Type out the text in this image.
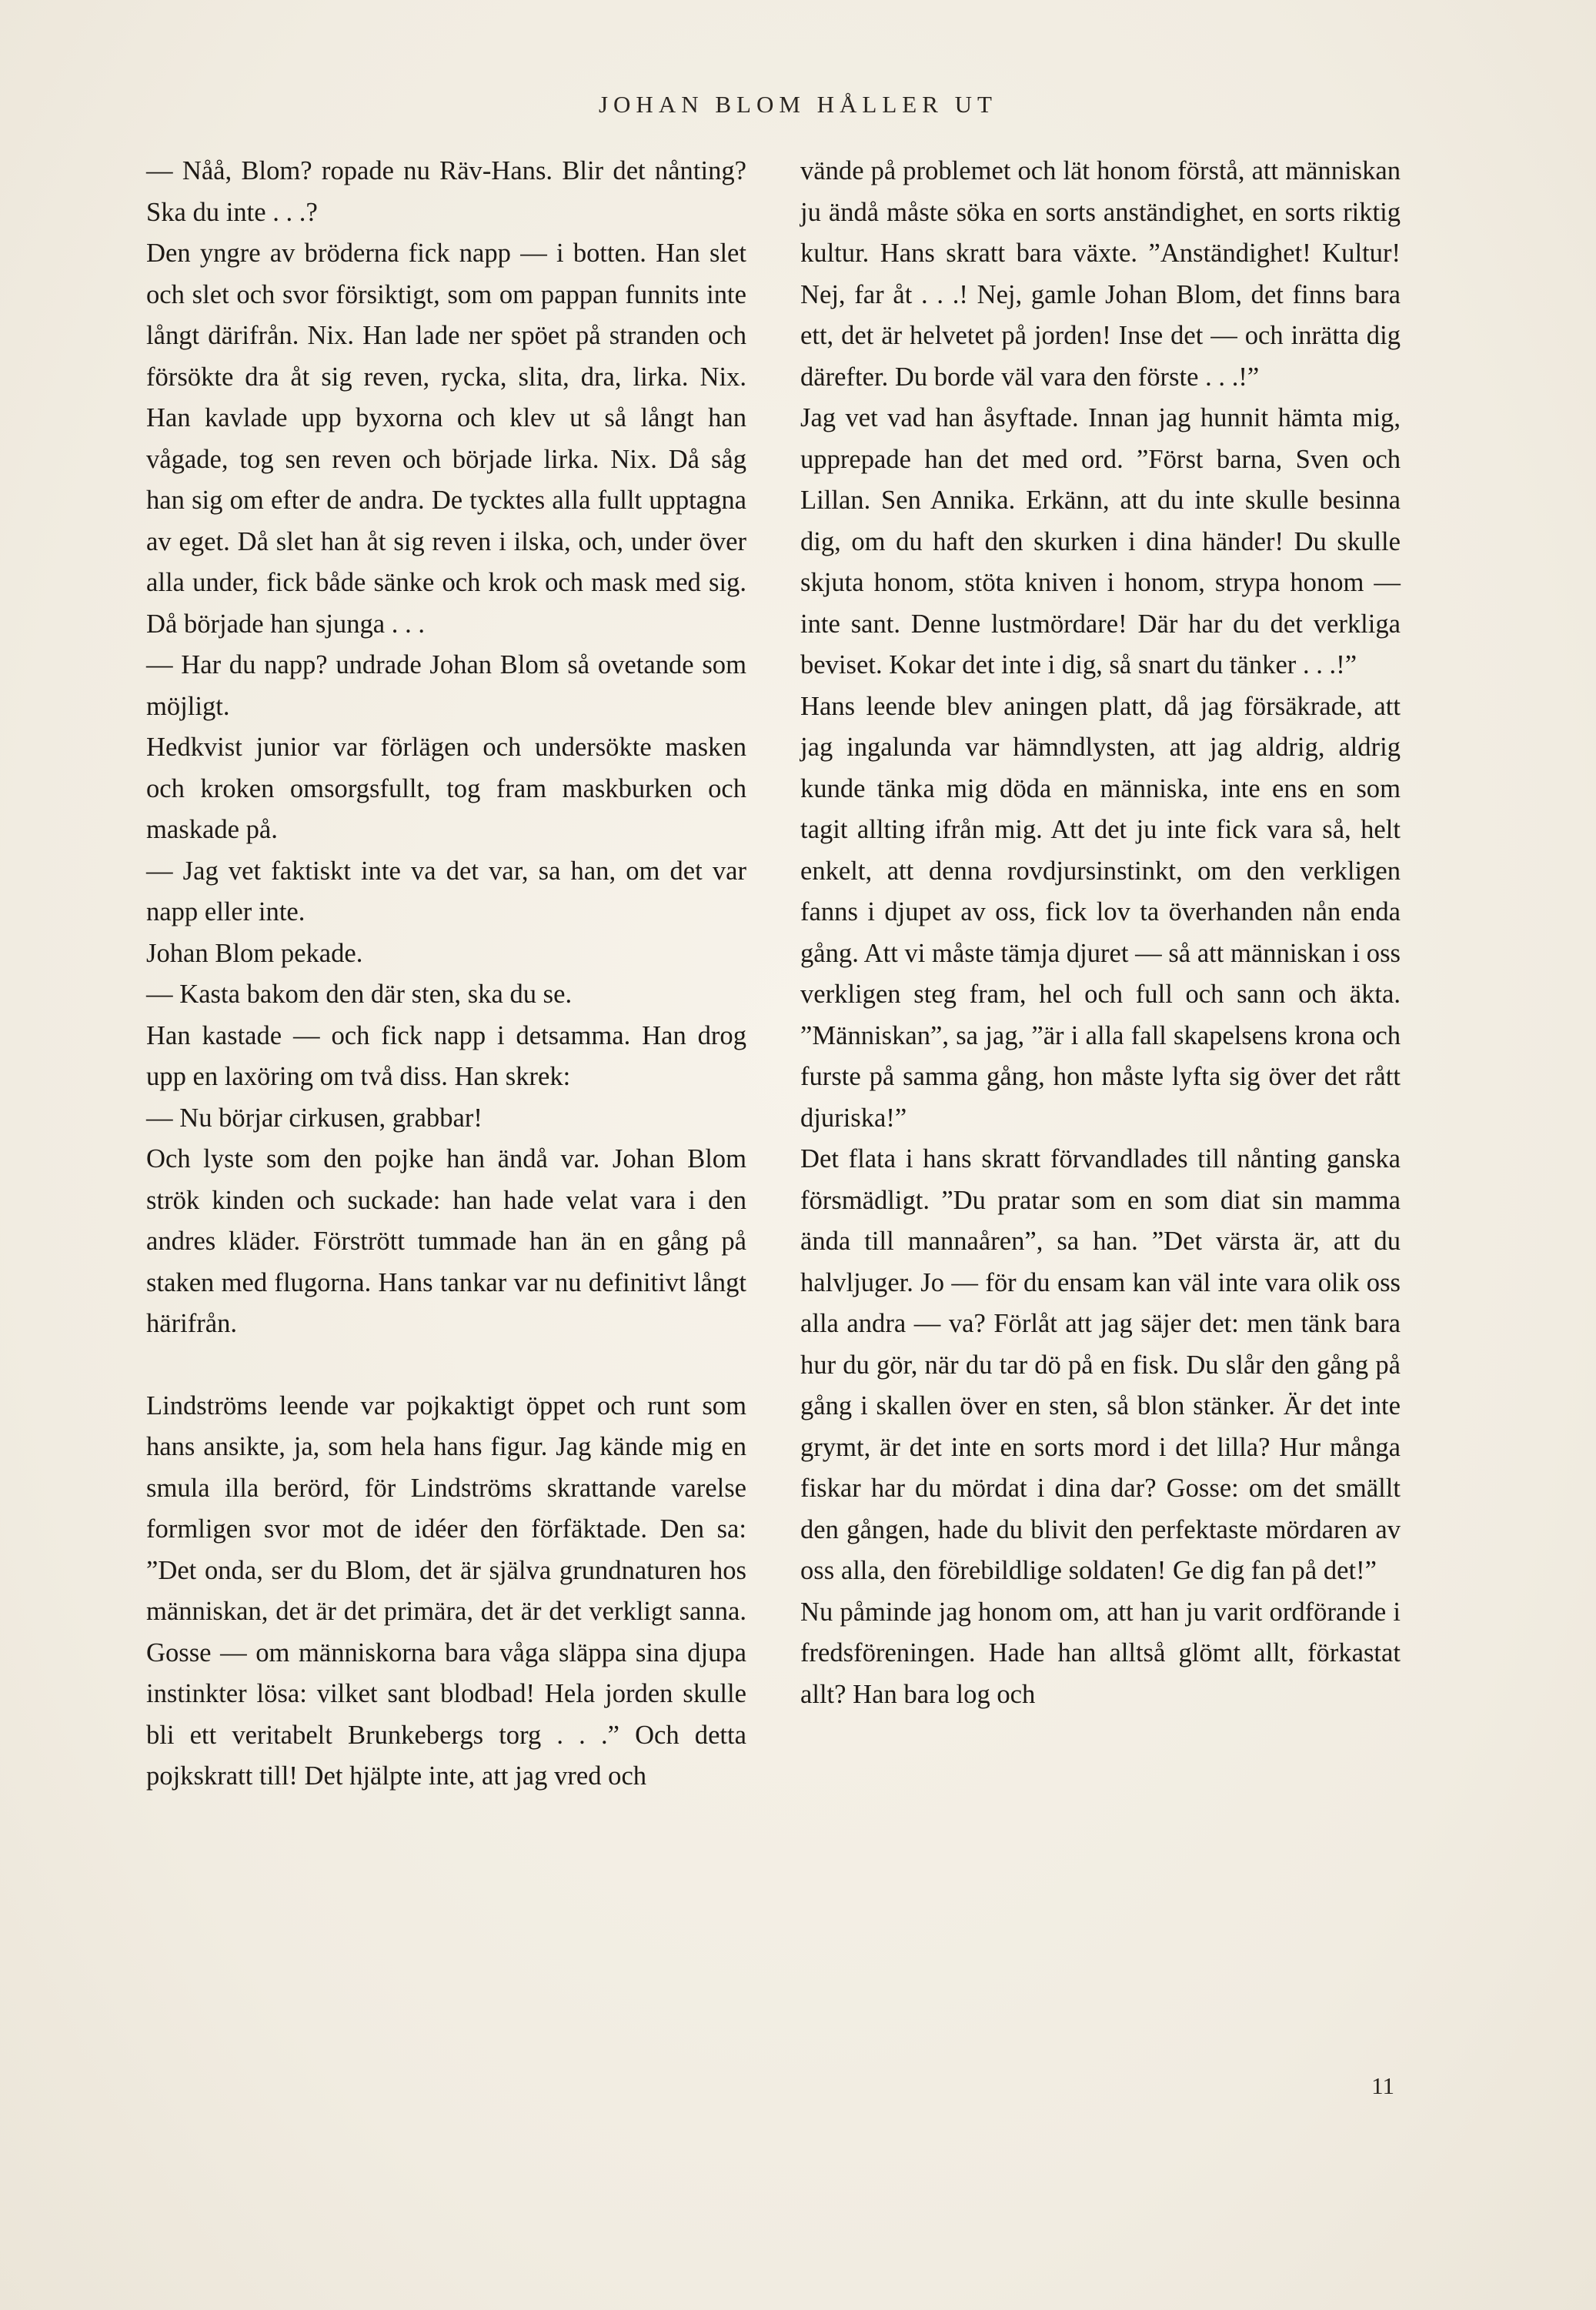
JOHAN BLOM HÅLLER UT

— Nåå, Blom? ropade nu Räv-Hans. Blir det nånting? Ska du inte . . .?

Den yngre av bröderna fick napp — i botten. Han slet och slet och svor försiktigt, som om pappan funnits inte långt därifrån. Nix. Han lade ner spöet på stranden och försökte dra åt sig reven, rycka, slita, dra, lirka. Nix. Han kavlade upp byxorna och klev ut så långt han vågade, tog sen reven och började lirka. Nix. Då såg han sig om efter de andra. De tycktes alla fullt upptagna av eget. Då slet han åt sig reven i ilska, och, under över alla under, fick både sänke och krok och mask med sig. Då började han sjunga . . .

— Har du napp? undrade Johan Blom så ovetande som möjligt.

Hedkvist junior var förlägen och undersökte masken och kroken omsorgsfullt, tog fram maskburken och maskade på.

— Jag vet faktiskt inte va det var, sa han, om det var napp eller inte.

Johan Blom pekade.

— Kasta bakom den där sten, ska du se.

Han kastade — och fick napp i detsamma. Han drog upp en laxöring om två diss. Han skrek:

— Nu börjar cirkusen, grabbar!

Och lyste som den pojke han ändå var. Johan Blom strök kinden och suckade: han hade velat vara i den andres kläder. Förstrött tummade han än en gång på staken med flugorna. Hans tankar var nu definitivt långt härifrån.

Lindströms leende var pojkaktigt öppet och runt som hans ansikte, ja, som hela hans figur. Jag kände mig en smula illa berörd, för Lindströms skrattande varelse formligen svor mot de idéer den förfäktade. Den sa: ”Det onda, ser du Blom, det är själva grundnaturen hos människan, det är det primära, det är det verkligt sanna. Gosse — om människorna bara våga släppa sina djupa instinkter lösa: vilket sant blodbad! Hela jorden skulle bli ett veritabelt Brunkebergs torg . . .” Och detta pojkskratt till! Det hjälpte inte, att jag vred och

vände på problemet och lät honom förstå, att människan ju ändå måste söka en sorts anständighet, en sorts riktig kultur. Hans skratt bara växte. ”Anständighet! Kultur! Nej, far åt . . .! Nej, gamle Johan Blom, det finns bara ett, det är helvetet på jorden! Inse det — och inrätta dig därefter. Du borde väl vara den förste . . .!”

Jag vet vad han åsyftade. Innan jag hunnit hämta mig, upprepade han det med ord. ”Först barna, Sven och Lillan. Sen Annika. Erkänn, att du inte skulle besinna dig, om du haft den skurken i dina händer! Du skulle skjuta honom, stöta kniven i honom, strypa honom — inte sant. Denne lustmördare! Där har du det verkliga beviset. Kokar det inte i dig, så snart du tänker . . .!”

Hans leende blev aningen platt, då jag försäkrade, att jag ingalunda var hämndlysten, att jag aldrig, aldrig kunde tänka mig döda en människa, inte ens en som tagit allting ifrån mig. Att det ju inte fick vara så, helt enkelt, att denna rovdjursinstinkt, om den verkligen fanns i djupet av oss, fick lov ta överhanden nån enda gång. Att vi måste tämja djuret — så att människan i oss verkligen steg fram, hel och full och sann och äkta. ”Människan”, sa jag, ”är i alla fall skapelsens krona och furste på samma gång, hon måste lyfta sig över det rått djuriska!”

Det flata i hans skratt förvandlades till nånting ganska försmädligt. ”Du pratar som en som diat sin mamma ända till mannaåren”, sa han. ”Det värsta är, att du halvljuger. Jo — för du ensam kan väl inte vara olik oss alla andra — va? Förlåt att jag säjer det: men tänk bara hur du gör, när du tar dö på en fisk. Du slår den gång på gång i skallen över en sten, så blon stänker. Är det inte grymt, är det inte en sorts mord i det lilla? Hur många fiskar har du mördat i dina dar? Gosse: om det smällt den gången, hade du blivit den perfektaste mördaren av oss alla, den förebildlige soldaten! Ge dig fan på det!”

Nu påminde jag honom om, att han ju varit ordförande i fredsföreningen. Hade han alltså glömt allt, förkastat allt? Han bara log och

11
